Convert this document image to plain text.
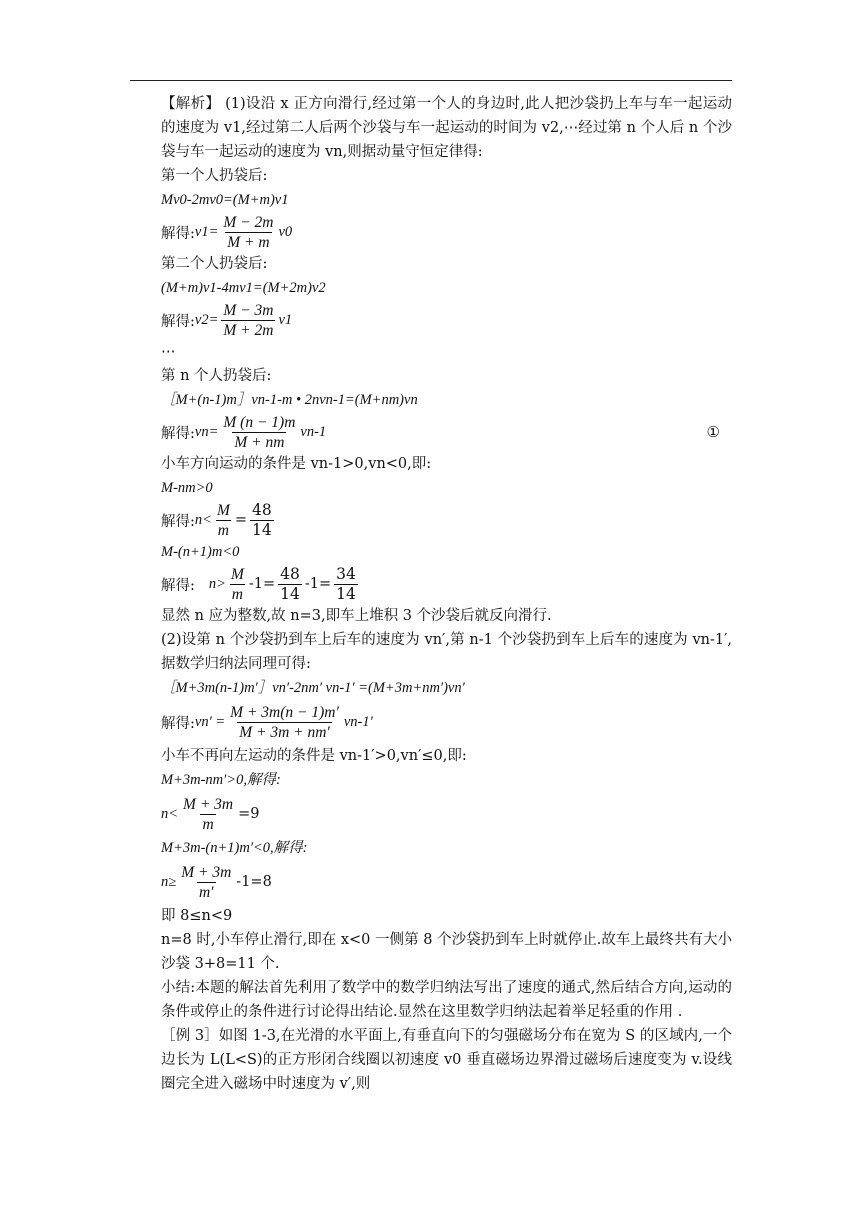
【解析】 (1)设沿 x 正方向滑行,经过第一个人的身边时,此人把沙袋扔上车与车一起运动的速度为 v1,经过第二人后两个沙袋与车一起运动的时间为 v2,⋯经过第 n 个人后 n 个沙袋与车一起运动的速度为 vn,则据动量守恒定律得:

第一个人扔袋后:
Mv0-2mv0=(M+m)v1
解得: $v1= \frac{M - 2m}{M + m} v0$
第二个人扔袋后:
(M+m)v1-4mv1=(M+2m)v2
解得: $v2= \frac{M - 3m}{M + 2m} v1$
⋯
第 n 个人扔袋后:
［M+(n-1)m］vn-1-m • 2nvn-1=(M+nm)vn
解得: $vn= \frac{M (n - 1)m}{M + nm} vn-1$	①
小车方向运动的条件是 vn-1>0,vn<0,即:
M-nm>0
解得: $n< \frac{M}{m} = \frac{48}{14}$
M-(n+1)m<0
解得: $n> \frac{M}{m} -1= \frac{48}{14} -1= \frac{34}{14}$
显然 n 应为整数,故 n=3,即车上堆积 3 个沙袋后就反向滑行.

(2)设第 n 个沙袋扔到车上后车的速度为 vn′,第 n-1 个沙袋扔到车上后车的速度为 vn-1′,据数学归纳法同理可得:

［M+3m(n-1)m′］vn′-2nm′ vn-1′ =(M+3m+nm′)vn′
解得: $vn' = \frac{M + 3m(n - 1)m'}{M + 3m + nm'} vn-1'$
小车不再向左运动的条件是 vn-1′>0,vn′≤0,即:
M+3m-nm′>0,解得:
$n< \frac{M + 3m}{m} =9$
M+3m-(n+1)m′<0,解得:
$n\ge \frac{M + 3m}{m'} -1=8$
即 8≤n<9

n=8 时,小车停止滑行,即在 x<0 一侧第 8 个沙袋扔到车上时就停止.故车上最终共有大小沙袋 3+8=11 个.

小结:本题的解法首先利用了数学中的数学归纳法写出了速度的通式,然后结合方向,运动的条件或停止的条件进行讨论得出结论.显然在这里数学归纳法起着举足轻重的作用 .

［例 3］如图 1-3,在光滑的水平面上,有垂直向下的匀强磁场分布在宽为 S 的区域内,一个边长为 L(L<S)的正方形闭合线圈以初速度 v0 垂直磁场边界滑过磁场后速度变为 v.设线圈完全进入磁场中时速度为 v′,则
